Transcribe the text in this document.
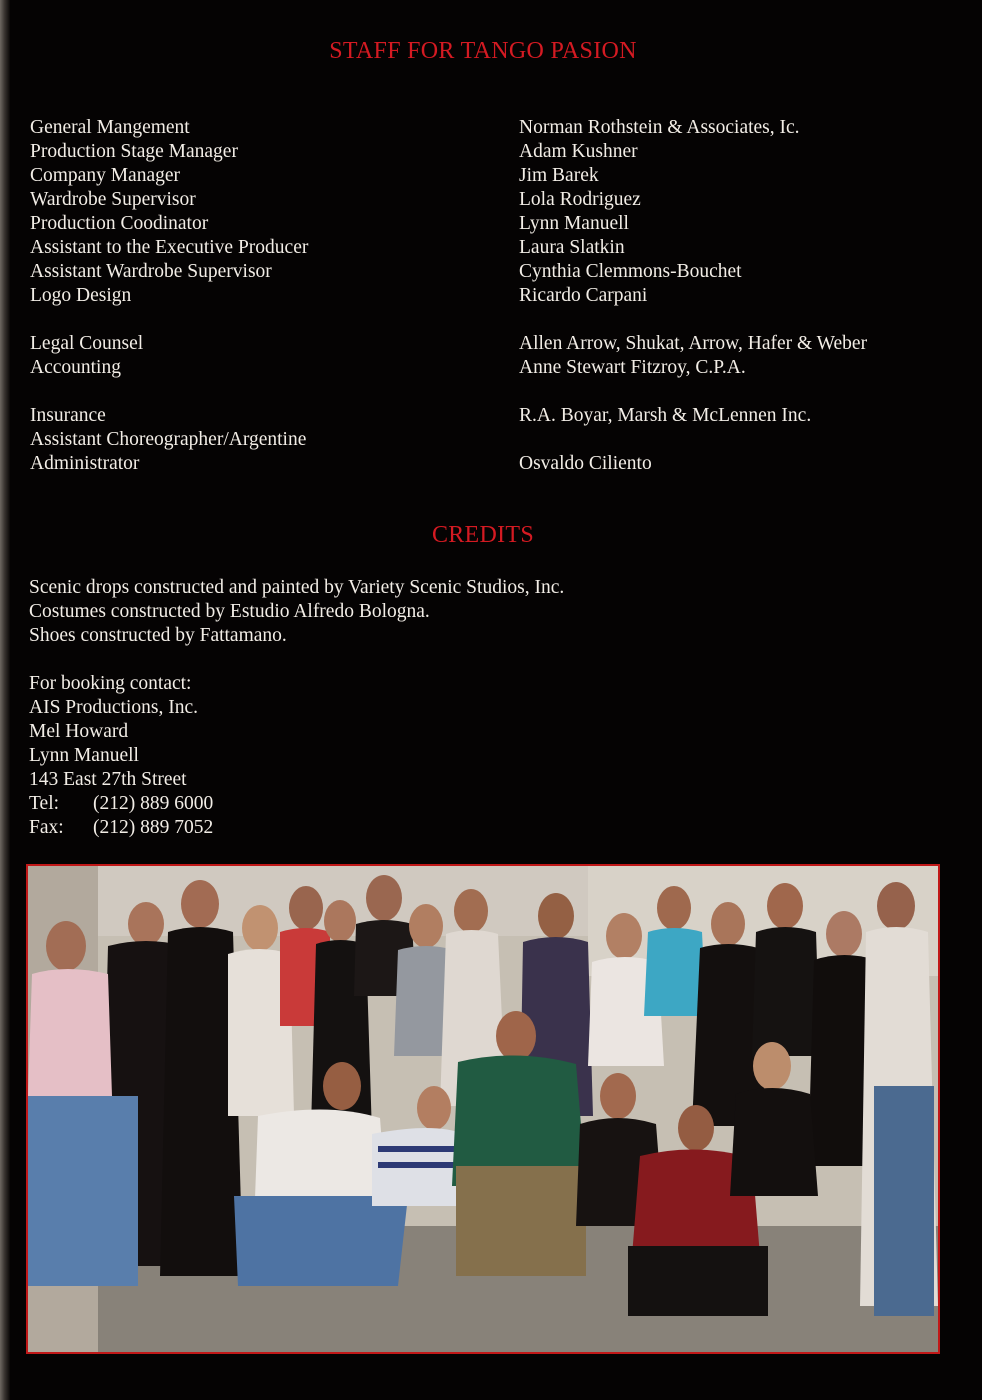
STAFF FOR TANGO PASION
General Mangement	Norman Rothstein & Associates, Ic.
Production Stage Manager	Adam Kushner
Company Manager	Jim Barek
Wardrobe Supervisor	Lola Rodriguez
Production Coodinator	Lynn Manuell
Assistant to the Executive Producer	Laura Slatkin
Assistant Wardrobe Supervisor	Cynthia Clemmons-Bouchet
Logo Design	Ricardo Carpani
Legal Counsel	Allen Arrow, Shukat, Arrow, Hafer & Weber
Accounting	Anne Stewart Fitzroy, C.P.A.
Insurance	R.A. Boyar, Marsh & McLennen Inc.
Assistant Choreographer/Argentine
Administrator	Osvaldo Ciliento
CREDITS
Scenic drops constructed and painted by Variety Scenic Studios, Inc.
Costumes constructed by Estudio Alfredo Bologna.
Shoes constructed by Fattamano.
For booking contact:
AIS Productions, Inc.
Mel Howard
Lynn Manuell
143 East 27th Street
Tel: (212) 889 6000
Fax: (212) 889 7052
